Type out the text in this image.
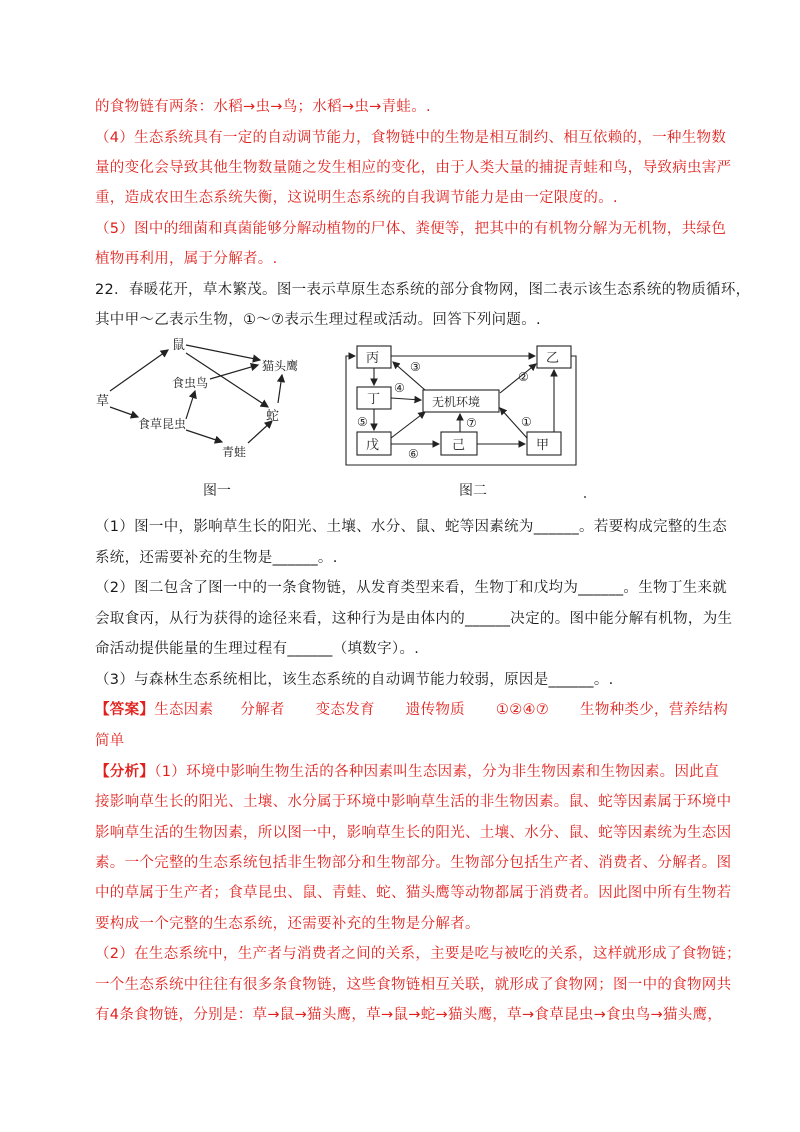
的食物链有两条：水稻→虫→鸟；水稻→虫→青蛙。.
（4）生态系统具有一定的自动调节能力，食物链中的生物是相互制约、相互依赖的，一种生物数
量的变化会导致其他生物数量随之发生相应的变化，由于人类大量的捕捉青蛙和鸟，导致病虫害严
重，造成农田生态系统失衡，这说明生态系统的自我调节能力是由一定限度的。.
（5）图中的细菌和真菌能够分解动植物的尸体、粪便等，把其中的有机物分解为无机物，共绿色
植物再利用，属于分解者。.
22．春暖花开，草木繁茂。图一表示草原生态系统的部分食物网，图二表示该生态系统的物质循环，
其中甲～乙表示生物，①～⑦表示生理过程或活动。回答下列问题。.
草
鼠
食虫鸟
食草昆虫
青蛙
猫头鹰
蛇
图一
丙	乙
丁	无机环境
戊	己	甲
③
④
②
⑤	①
⑦
⑥
图二
（1）图一中，影响草生长的阳光、土壤、水分、鼠、蛇等因素统为______。若要构成完整的生态
系统，还需要补充的生物是______。.
（2）图二包含了图一中的一条食物链，从发育类型来看，生物丁和戊均为______。生物丁生来就
会取食丙，从行为获得的途径来看，这种行为是由体内的______决定的。图中能分解有机物，为生
命活动提供能量的生理过程有______（填数字）。.
（3）与森林生态系统相比，该生态系统的自动调节能力较弱，原因是______。.
【答案】生态因素 分解者 变态发育 遗传物质 ①②④⑦ 生物种类少，营养结构
简单
【分析】（1）环境中影响生物生活的各种因素叫生态因素，分为非生物因素和生物因素。因此直
接影响草生长的阳光、土壤、水分属于环境中影响草生活的非生物因素。鼠、蛇等因素属于环境中
影响草生活的生物因素，所以图一中，影响草生长的阳光、土壤、水分、鼠、蛇等因素统为生态因
素。一个完整的生态系统包括非生物部分和生物部分。生物部分包括生产者、消费者、分解者。图
中的草属于生产者；食草昆虫、鼠、青蛙、蛇、猫头鹰等动物都属于消费者。因此图中所有生物若
要构成一个完整的生态系统，还需要补充的生物是分解者。
（2）在生态系统中，生产者与消费者之间的关系，主要是吃与被吃的关系，这样就形成了食物链；
一个生态系统中往往有很多条食物链，这些食物链相互关联，就形成了食物网；图一中的食物网共
有4条食物链，分别是：草→鼠→猫头鹰，草→鼠→蛇→猫头鹰，草→食草昆虫→食虫鸟→猫头鹰，
